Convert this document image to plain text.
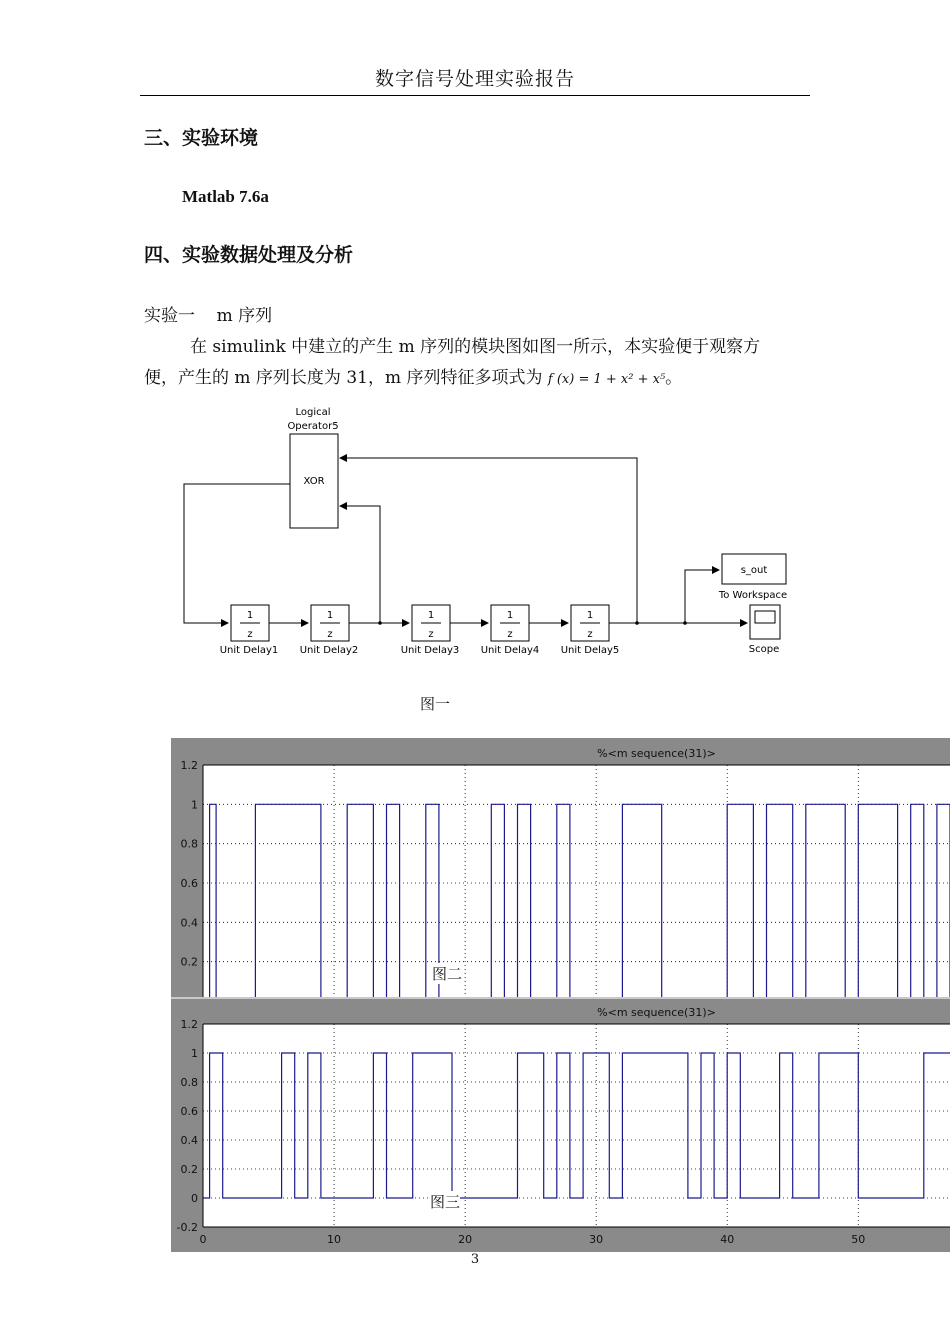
数字信号处理实验报告
三、实验环境
Matlab 7.6a
四、实验数据处理及分析
实验一    m 序列
在 simulink 中建立的产生 m 序列的模块图如图一所示，本实验便于观察方
便，产生的 m 序列长度为 31，m 序列特征多项式为 f (x) = 1 + x² + x⁵。
Logical
Operator5
XOR
1
z
Unit Delay1
1
z
Unit Delay2
1
z
Unit Delay3
1
z
Unit Delay4
1
z
Unit Delay5
s_out
To Workspace
Scope
图一
%<m sequence(31)>
1.2
1
0.8
0.6
0.4
0.2
%<m sequence(31)>
1.2
1
0.8
0.6
0.4
0.2
0
-0.2
0	10	20	30	40	50
图二
图三
3
